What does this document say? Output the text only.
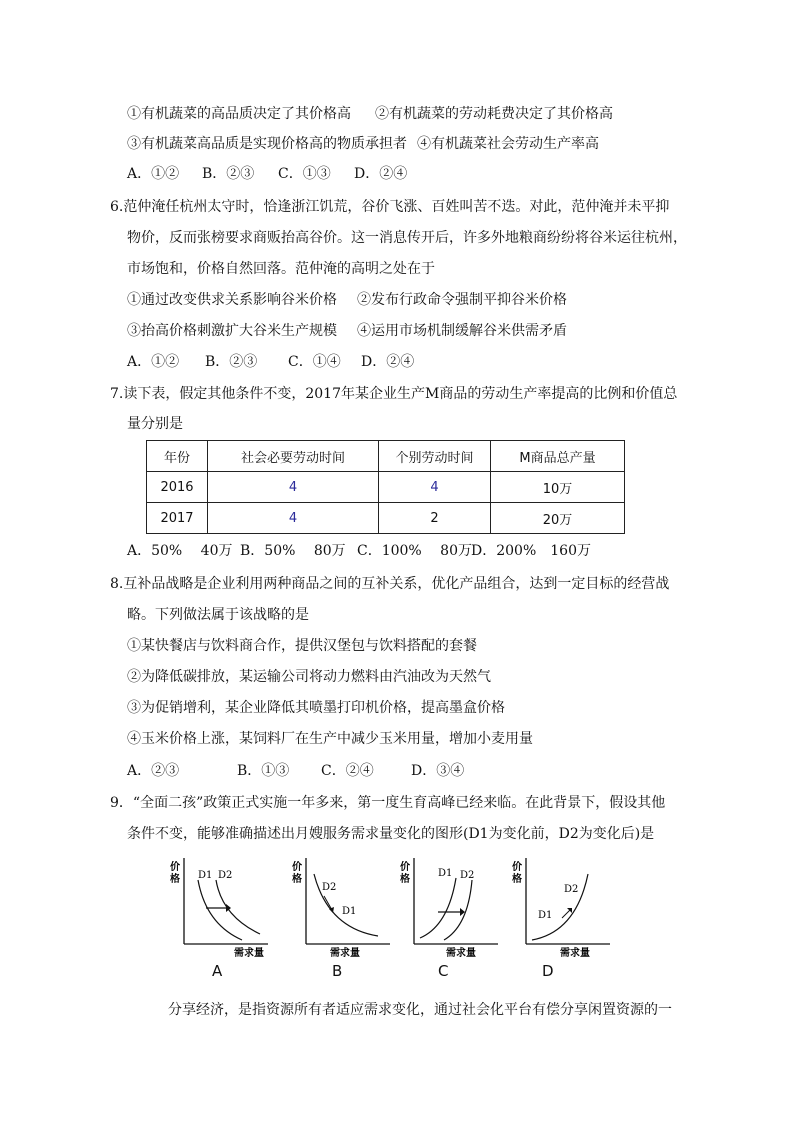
①有机蔬菜的高品质决定了其价格高 ②有机蔬菜的劳动耗费决定了其价格高
③有机蔬菜高品质是实现价格高的物质承担者 ④有机蔬菜社会劳动生产率高
A．①② B．②③ C．①③ D．②④
6.范仲淹任杭州太守时，恰逢浙江饥荒，谷价飞涨、百姓叫苦不迭。对此，范仲淹并未平抑
物价，反而张榜要求商贩抬高谷价。这一消息传开后，许多外地粮商纷纷将谷米运往杭州，
市场饱和，价格自然回落。范仲淹的高明之处在于
①通过改变供求关系影响谷米价格 ②发布行政命令强制平抑谷米价格
③抬高价格刺激扩大谷米生产规模 ④运用市场机制缓解谷米供需矛盾
A．①② B．②③ C．①④ D．②④
7.读下表，假定其他条件不变，2017年某企业生产M商品的劳动生产率提高的比例和价值总
量分别是
年份	社会必要劳动时间	个别劳动时间	M商品总产量
2016	4	4	10万
2017	4	2	20万
A．50%　 40万 B．50%　 80万 C．100%　 80万D．200%　160万
8.互补品战略是企业利用两种商品之间的互补关系，优化产品组合，达到一定目标的经营战
略。下列做法属于该战略的是
①某快餐店与饮料商合作，提供汉堡包与饮料搭配的套餐
②为降低碳排放，某运输公司将动力燃料由汽油改为天然气
③为促销增利，某企业降低其喷墨打印机价格，提高墨盒价格
④玉米价格上涨，某饲料厂在生产中减少玉米用量，增加小麦用量
A．②③	B．①③ C．②④	D．③④
9．“全面二孩”政策正式实施一年多来，第一度生育高峰已经来临。在此背景下，假设其他
条件不变，能够准确描述出月嫂服务需求量变化的图形(D1为变化前，D2为变化后)是
价
格
需求量
D1 D2
A
价
格
需求量
D2
D1
B
价
格
需求量
D1 D2
C
价
格
需求量
D1
D2
D
分享经济，是指资源所有者适应需求变化，通过社会化平台有偿分享闲置资源的一
